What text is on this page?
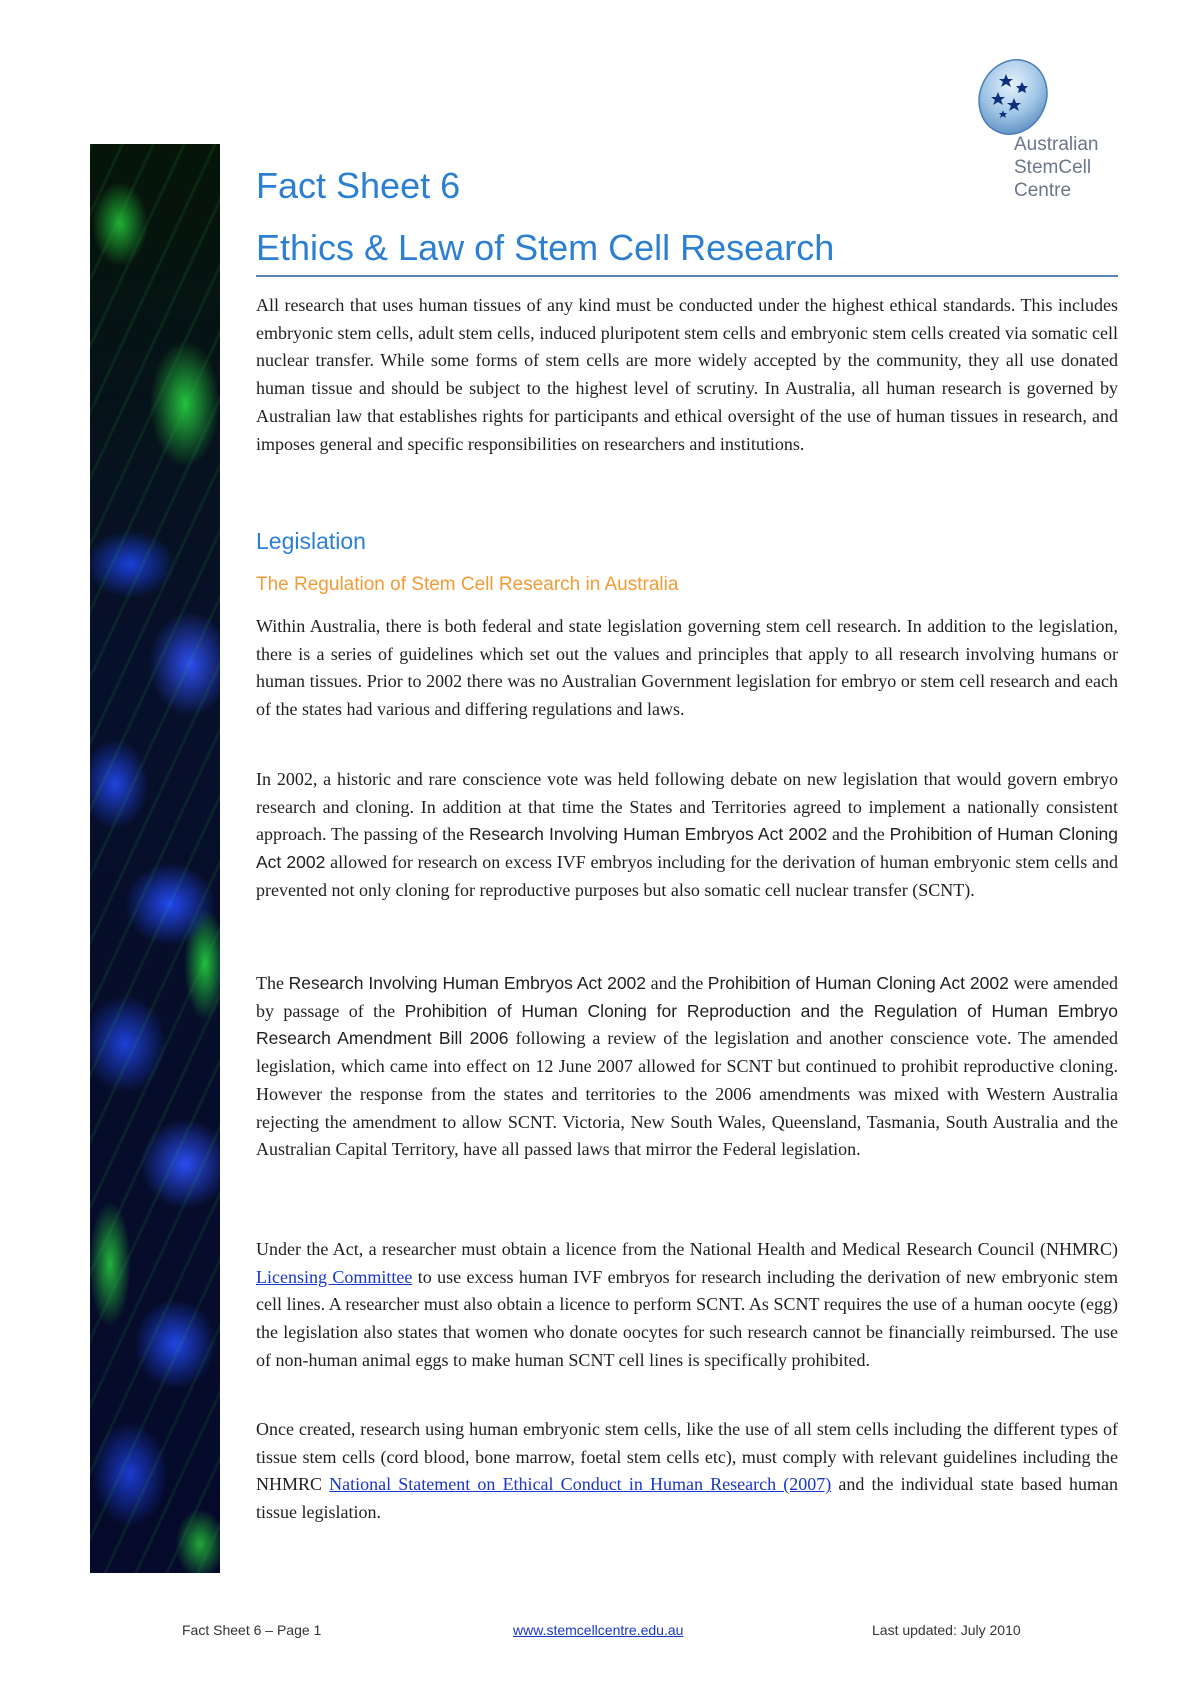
Australian
StemCell
Centre
Fact Sheet 6
Ethics & Law of Stem Cell Research

All research that uses human tissues of any kind must be conducted under the highest ethical standards. This includes embryonic stem cells, adult stem cells, induced pluripotent stem cells and embryonic stem cells created via somatic cell nuclear transfer. While some forms of stem cells are more widely accepted by the community, they all use donated human tissue and should be subject to the highest level of scrutiny. In Australia, all human research is governed by Australian law that establishes rights for participants and ethical oversight of the use of human tissues in research, and imposes general and specific responsibilities on researchers and institutions.

Legislation
The Regulation of Stem Cell Research in Australia

Within Australia, there is both federal and state legislation governing stem cell research. In addition to the legislation, there is a series of guidelines which set out the values and principles that apply to all research involving humans or human tissues. Prior to 2002 there was no Australian Government legislation for embryo or stem cell research and each of the states had various and differing regulations and laws.

In 2002, a historic and rare conscience vote was held following debate on new legislation that would govern embryo research and cloning. In addition at that time the States and Territories agreed to implement a nationally consistent approach. The passing of the Research Involving Human Embryos Act 2002 and the Prohibition of Human Cloning Act 2002 allowed for research on excess IVF embryos including for the derivation of human embryonic stem cells and prevented not only cloning for reproductive purposes but also somatic cell nuclear transfer (SCNT).

The Research Involving Human Embryos Act 2002 and the Prohibition of Human Cloning Act 2002 were amended by passage of the Prohibition of Human Cloning for Reproduction and the Regulation of Human Embryo Research Amendment Bill 2006 following a review of the legislation and another conscience vote. The amended legislation, which came into effect on 12 June 2007 allowed for SCNT but continued to prohibit reproductive cloning. However the response from the states and territories to the 2006 amendments was mixed with Western Australia rejecting the amendment to allow SCNT. Victoria, New South Wales, Queensland, Tasmania, South Australia and the Australian Capital Territory, have all passed laws that mirror the Federal legislation.

Under the Act, a researcher must obtain a licence from the National Health and Medical Research Council (NHMRC) Licensing Committee to use excess human IVF embryos for research including the derivation of new embryonic stem cell lines. A researcher must also obtain a licence to perform SCNT. As SCNT requires the use of a human oocyte (egg) the legislation also states that women who donate oocytes for such research cannot be financially reimbursed. The use of non-human animal eggs to make human SCNT cell lines is specifically prohibited.

Once created, research using human embryonic stem cells, like the use of all stem cells including the different types of tissue stem cells (cord blood, bone marrow, foetal stem cells etc), must comply with relevant guidelines including the NHMRC National Statement on Ethical Conduct in Human Research (2007) and the individual state based human tissue legislation.

Fact Sheet 6 – Page 1	www.stemcellcentre.edu.au	Last updated: July 2010
